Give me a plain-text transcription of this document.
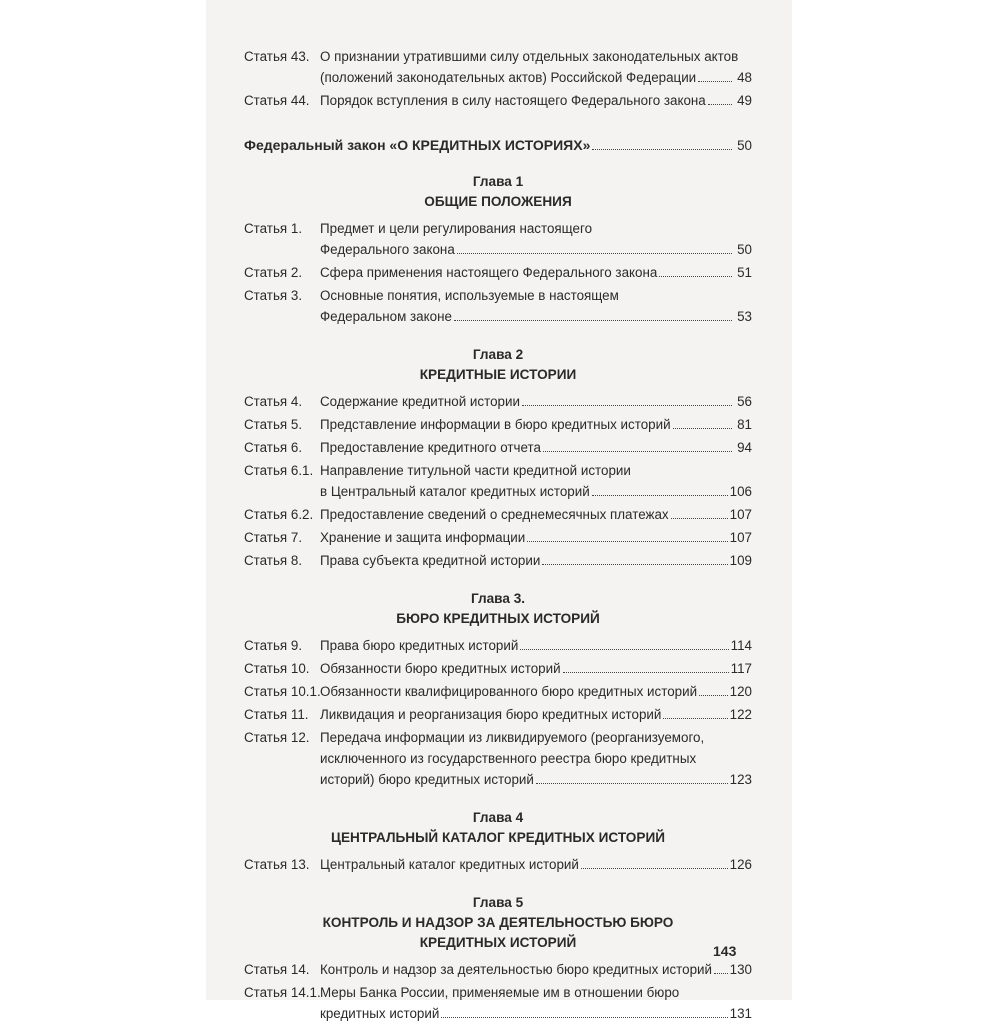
Статья 43. О признании утратившими силу отдельных законодательных актов
(положений законодательных актов) Российской Федерации	48
Статья 44. Порядок вступления в силу настоящего Федерального закона 49
Федеральный закон «О КРЕДИТНЫХ ИСТОРИЯХ»	50
Глава 1
ОБЩИЕ ПОЛОЖЕНИЯ
Статья 1.	Предмет и цели регулирования настоящего
Федерального закона	50
Статья 2.	Сфера применения настоящего Федерального закона	51
Статья 3.	Основные понятия, используемые в настоящем
Федеральном законе	53
Глава 2
КРЕДИТНЫЕ ИСТОРИИ
Статья 4.	Содержание кредитной истории	56
Статья 5.	Представление информации в бюро кредитных историй	81
Статья 6.	Предоставление кредитного отчета	94
Статья 6.1. Направление титульной части кредитной истории
в Центральный каталог кредитных историй	106
Статья 6.2. Предоставление сведений о среднемесячных платежах	107
Статья 7.	Хранение и защита информации	107
Статья 8.	Права субъекта кредитной истории	109
Глава 3.
БЮРО КРЕДИТНЫХ ИСТОРИЙ
Статья 9.	Права бюро кредитных историй	114
Статья 10. Обязанности бюро кредитных историй	117
Статья 10.1. Обязанности квалифицированного бюро кредитных историй 120
Статья 11. Ликвидация и реорганизация бюро кредитных историй	122
Статья 12. Передача информации из ликвидируемого (реорганизуемого,
исключенного из государственного реестра бюро кредитных
историй) бюро кредитных историй	123
Глава 4
ЦЕНТРАЛЬНЫЙ КАТАЛОГ КРЕДИТНЫХ ИСТОРИЙ
Статья 13. Центральный каталог кредитных историй	126
Глава 5
КОНТРОЛЬ И НАДЗОР ЗА ДЕЯТЕЛЬНОСТЬЮ БЮРО
КРЕДИТНЫХ ИСТОРИЙ
Статья 14. Контроль и надзор за деятельностью бюро кредитных историй 130
Статья 14.1. Меры Банка России, применяемые им в отношении бюро
кредитных историй	131
143
